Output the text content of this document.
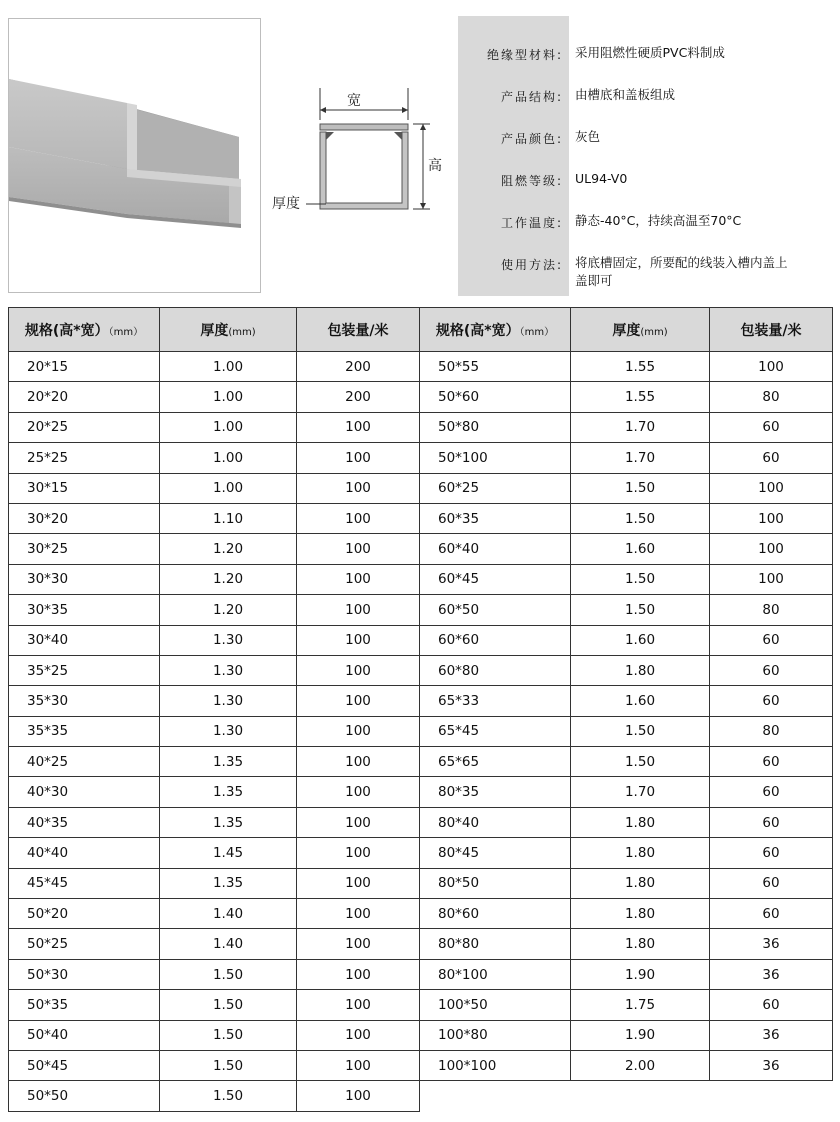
宽
高
厚度
绝缘型材料: 采用阻燃性硬质PVC料制成
产品结构: 由槽底和盖板组成
产品颜色: 灰色
阻燃等级: UL94-V0
工作温度: 静态-40°C，持续高温至70°C
使用方法: 将底槽固定，所要配的线装入槽内盖上盖即可
规格(高*宽）（mm）	厚度(mm)	包装量/米	规格(高*宽）（mm）	厚度(mm)	包装量/米
20*15	1.00	200	50*55	1.55	100
20*20	1.00	200	50*60	1.55	80
20*25	1.00	100	50*80	1.70	60
25*25	1.00	100	50*100	1.70	60
30*15	1.00	100	60*25	1.50	100
30*20	1.10	100	60*35	1.50	100
30*25	1.20	100	60*40	1.60	100
30*30	1.20	100	60*45	1.50	100
30*35	1.20	100	60*50	1.50	80
30*40	1.30	100	60*60	1.60	60
35*25	1.30	100	60*80	1.80	60
35*30	1.30	100	65*33	1.60	60
35*35	1.30	100	65*45	1.50	80
40*25	1.35	100	65*65	1.50	60
40*30	1.35	100	80*35	1.70	60
40*35	1.35	100	80*40	1.80	60
40*40	1.45	100	80*45	1.80	60
45*45	1.35	100	80*50	1.80	60
50*20	1.40	100	80*60	1.80	60
50*25	1.40	100	80*80	1.80	36
50*30	1.50	100	80*100	1.90	36
50*35	1.50	100	100*50	1.75	60
50*40	1.50	100	100*80	1.90	36
50*45	1.50	100	100*100	2.00	36
50*50	1.50	100			
